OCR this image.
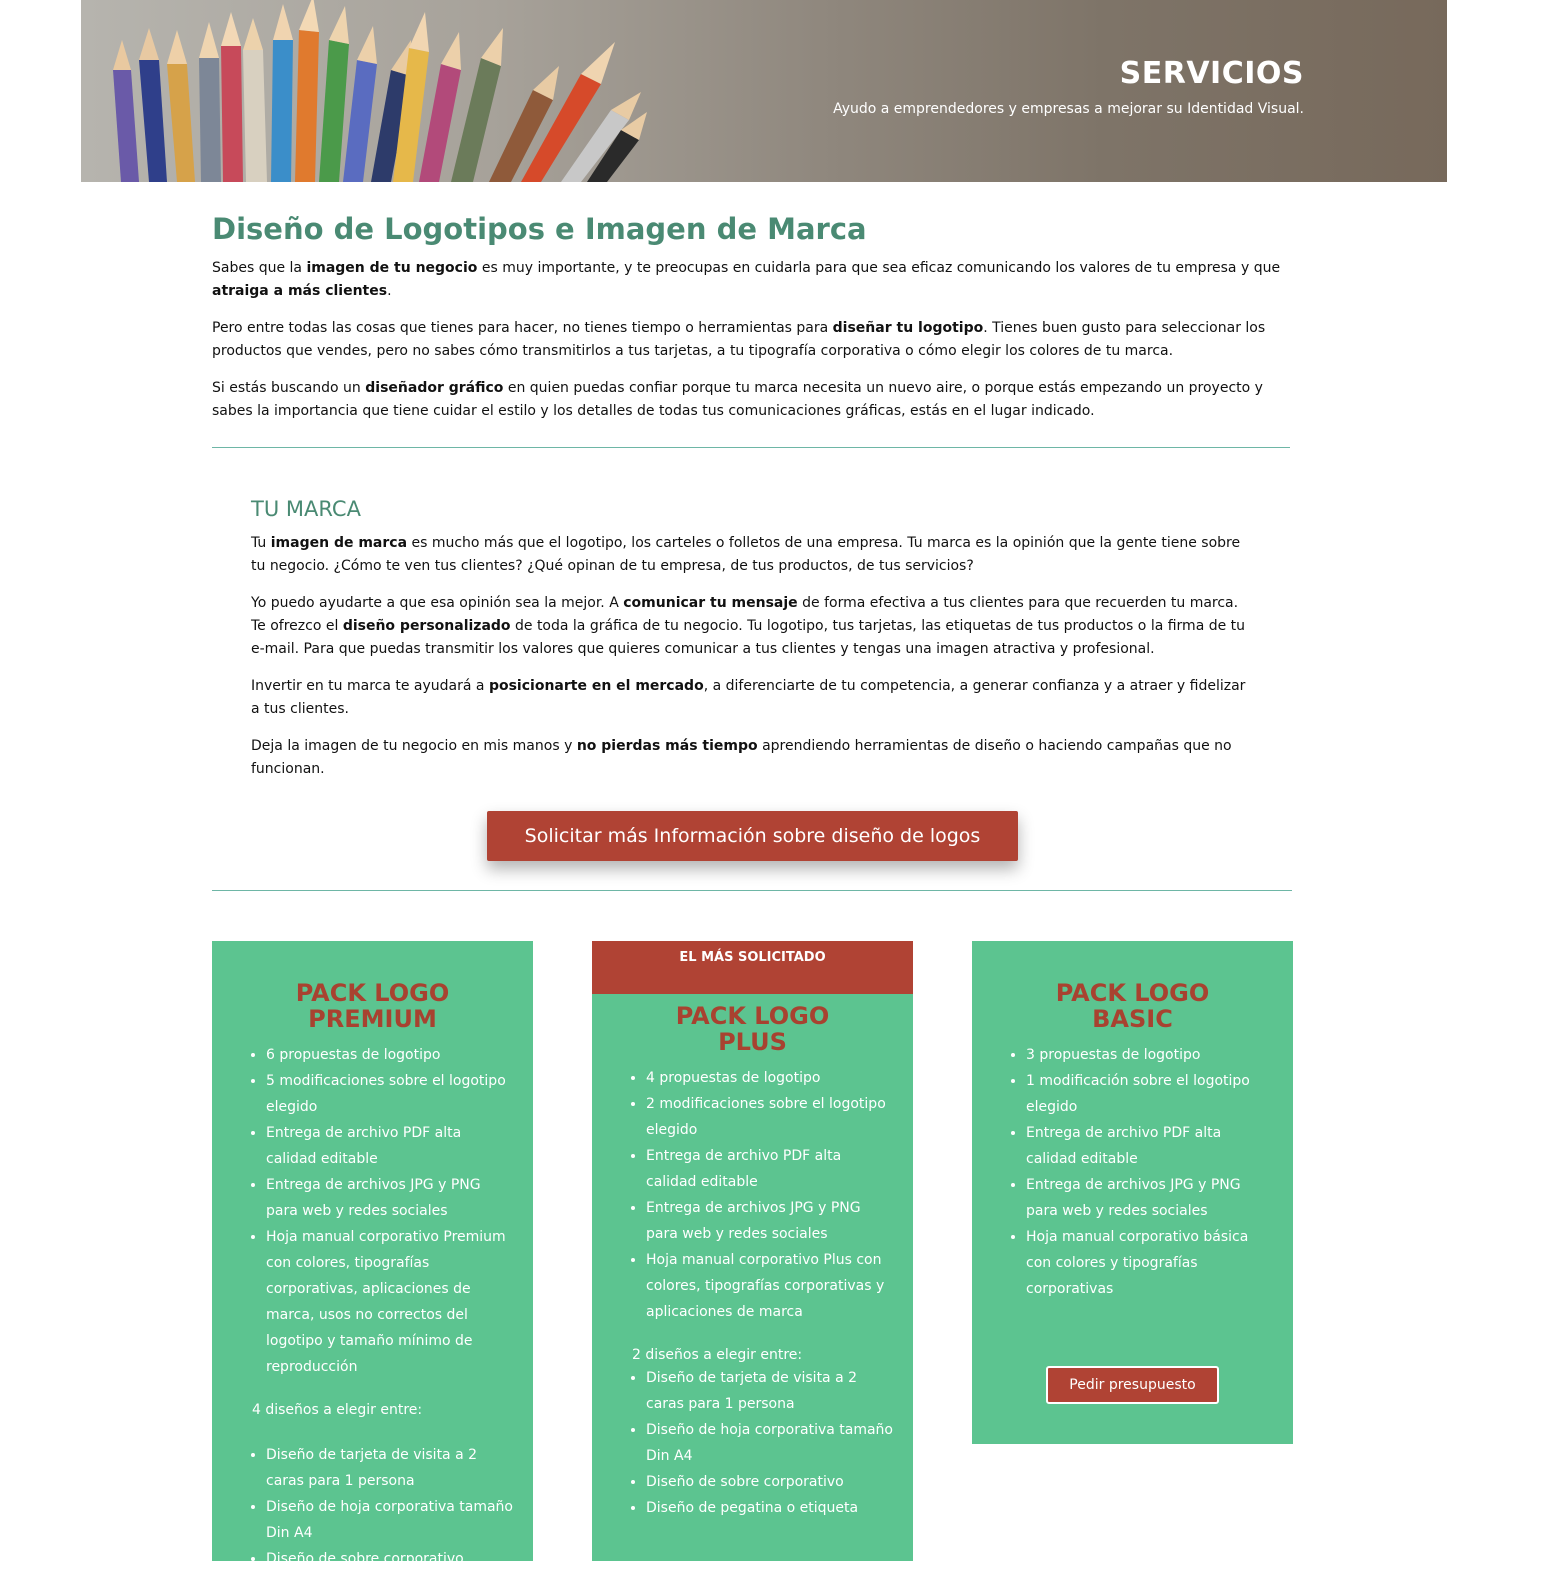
SERVICIOS
Ayudo a emprendedores y empresas a mejorar su Identidad Visual.
Diseño de Logotipos e Imagen de Marca

Sabes que la imagen de tu negocio es muy importante, y te preocupas en cuidarla para que sea eficaz comunicando los valores de tu empresa y que atraiga a más clientes.

Pero entre todas las cosas que tienes para hacer, no tienes tiempo o herramientas para diseñar tu logotipo. Tienes buen gusto para seleccionar los productos que vendes, pero no sabes cómo transmitirlos a tus tarjetas, a tu tipografía corporativa o cómo elegir los colores de tu marca.

Si estás buscando un diseñador gráfico en quien puedas confiar porque tu marca necesita un nuevo aire, o porque estás empezando un proyecto y sabes la importancia que tiene cuidar el estilo y los detalles de todas tus comunicaciones gráficas, estás en el lugar indicado.

TU MARCA

Tu imagen de marca es mucho más que el logotipo, los carteles o folletos de una empresa. Tu marca es la opinión que la gente tiene sobre tu negocio. ¿Cómo te ven tus clientes? ¿Qué opinan de tu empresa, de tus productos, de tus servicios?

Yo puedo ayudarte a que esa opinión sea la mejor. A comunicar tu mensaje de forma efectiva a tus clientes para que recuerden tu marca. Te ofrezco el diseño personalizado de toda la gráfica de tu negocio. Tu logotipo, tus tarjetas, las etiquetas de tus productos o la firma de tu e-mail. Para que puedas transmitir los valores que quieres comunicar a tus clientes y tengas una imagen atractiva y profesional.

Invertir en tu marca te ayudará a posicionarte en el mercado, a diferenciarte de tu competencia, a generar confianza y a atraer y fidelizar a tus clientes.

Deja la imagen de tu negocio en mis manos y no pierdas más tiempo aprendiendo herramientas de diseño o haciendo campañas que no funcionan.

Solicitar más Información sobre diseño de logos
PACK LOGO
PREMIUM
• 6 propuestas de logotipo
• 5 modificaciones sobre el logotipo elegido
• Entrega de archivo PDF alta calidad editable
• Entrega de archivos JPG y PNG para web y redes sociales
• Hoja manual corporativo Premium con colores, tipografías corporativas, aplicaciones de marca, usos no correctos del logotipo y tamaño mínimo de reproducción

4 diseños a elegir entre:

• Diseño de tarjeta de visita a 2 caras para 1 persona
• Diseño de hoja corporativa tamaño Din A4
• Diseño de sobre corporativo
EL MÁS SOLICITADO
PACK LOGO
PLUS
• 4 propuestas de logotipo
• 2 modificaciones sobre el logotipo elegido
• Entrega de archivo PDF alta calidad editable
• Entrega de archivos JPG y PNG para web y redes sociales
• Hoja manual corporativo Plus con colores, tipografías corporativas y aplicaciones de marca

2 diseños a elegir entre:

• Diseño de tarjeta de visita a 2 caras para 1 persona
• Diseño de hoja corporativa tamaño Din A4
• Diseño de sobre corporativo
• Diseño de pegatina o etiqueta
PACK LOGO
BASIC
• 3 propuestas de logotipo
• 1 modificación sobre el logotipo elegido
• Entrega de archivo PDF alta calidad editable
• Entrega de archivos JPG y PNG para web y redes sociales
• Hoja manual corporativo básica con colores y tipografías corporativas
Pedir presupuesto
